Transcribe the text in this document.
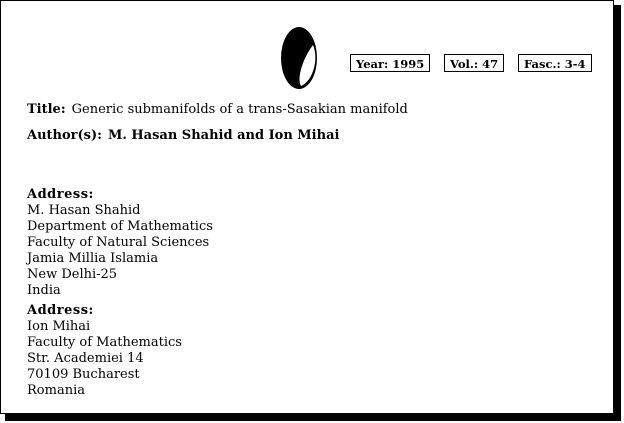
Year: 1995	Vol.: 47	Fasc.: 3-4
Title: Generic submanifolds of a trans-Sasakian manifold
Author(s): M. Hasan Shahid and Ion Mihai
Address:
M. Hasan Shahid
Department of Mathematics
Faculty of Natural Sciences
Jamia Millia Islamia
New Delhi-25
India
Address:
Ion Mihai
Faculty of Mathematics
Str. Academiei 14
70109 Bucharest
Romania
